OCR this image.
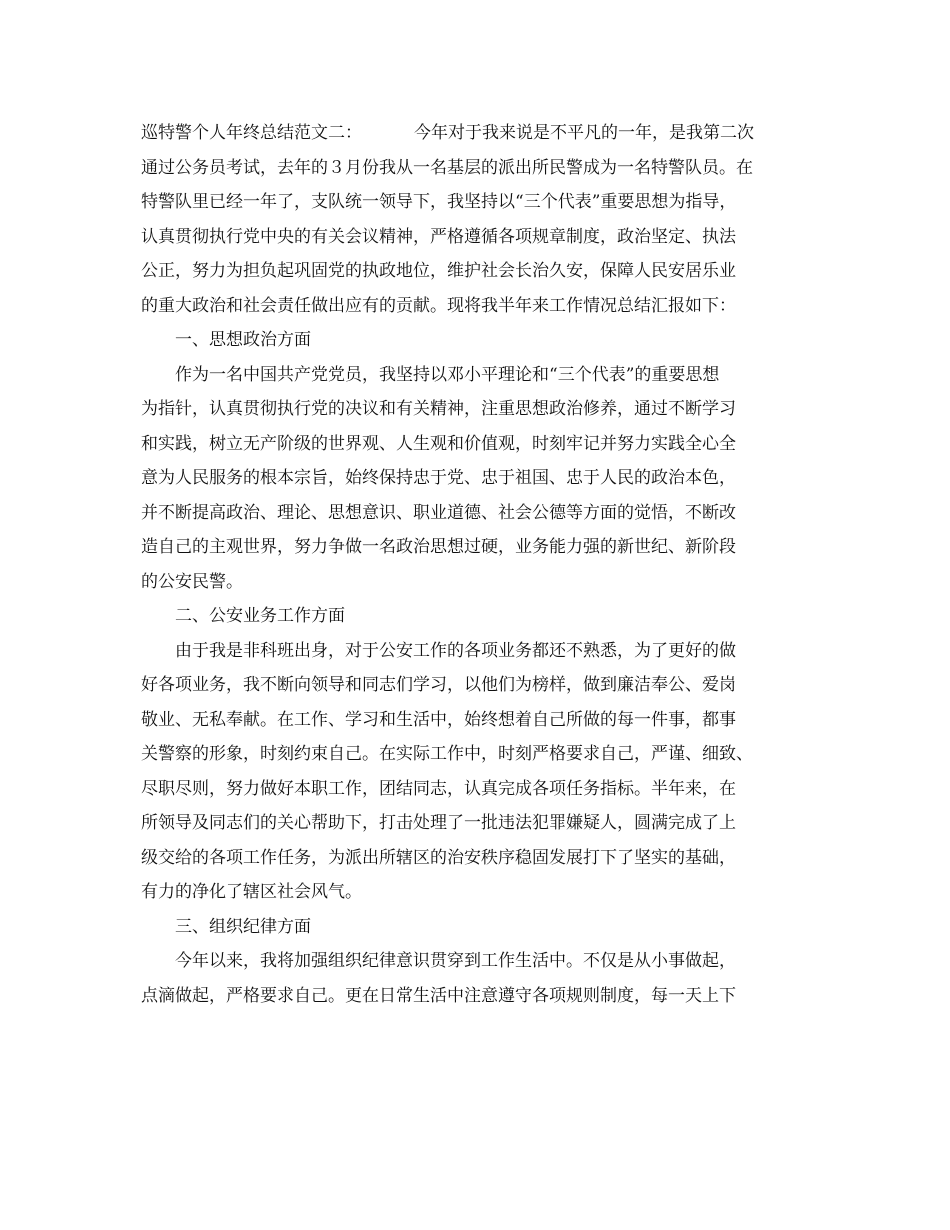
巡特警个人年终总结范文二：	今年对于我来说是不平凡的一年，是我第二次
通过公务员考试，去年的３月份我从一名基层的派出所民警成为一名特警队员。在
特警队里已经一年了，支队统一领导下，我坚持以“三个代表”重要思想为指导，
认真贯彻执行党中央的有关会议精神，严格遵循各项规章制度，政治坚定、执法
公正，努力为担负起巩固党的执政地位，维护社会长治久安，保障人民安居乐业
的重大政治和社会责任做出应有的贡献。现将我半年来工作情况总结汇报如下：
一、思想政治方面
作为一名中国共产党党员，我坚持以邓小平理论和“三个代表”的重要思想
为指针，认真贯彻执行党的决议和有关精神，注重思想政治修养，通过不断学习
和实践，树立无产阶级的世界观、人生观和价值观，时刻牢记并努力实践全心全
意为人民服务的根本宗旨，始终保持忠于党、忠于祖国、忠于人民的政治本色，
并不断提高政治、理论、思想意识、职业道德、社会公德等方面的觉悟，不断改
造自己的主观世界，努力争做一名政治思想过硬，业务能力强的新世纪、新阶段
的公安民警。
二、公安业务工作方面
由于我是非科班出身，对于公安工作的各项业务都还不熟悉，为了更好的做
好各项业务，我不断向领导和同志们学习，以他们为榜样，做到廉洁奉公、爱岗
敬业、无私奉献。在工作、学习和生活中，始终想着自己所做的每一件事，都事
关警察的形象，时刻约束自己。在实际工作中，时刻严格要求自己，严谨、细致、
尽职尽则，努力做好本职工作，团结同志，认真完成各项任务指标。半年来，在
所领导及同志们的关心帮助下，打击处理了一批违法犯罪嫌疑人，圆满完成了上
级交给的各项工作任务，为派出所辖区的治安秩序稳固发展打下了坚实的基础，
有力的净化了辖区社会风气。
三、组织纪律方面
今年以来，我将加强组织纪律意识贯穿到工作生活中。不仅是从小事做起，
点滴做起，严格要求自己。更在日常生活中注意遵守各项规则制度，每一天上下
